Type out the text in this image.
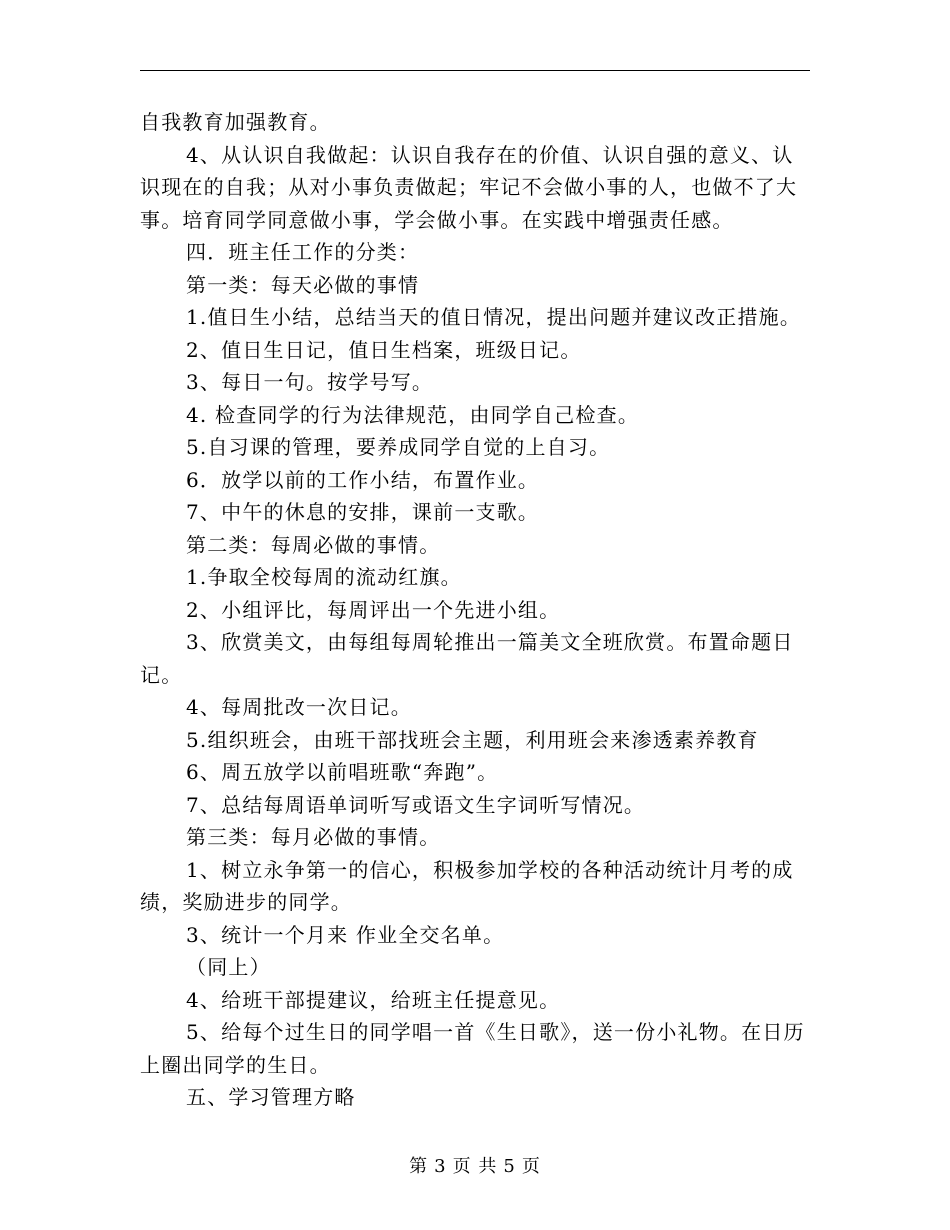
自我教育加强教育。

4、从认识自我做起：认识自我存在的价值、认识自强的意义、认识现在的自我；从对小事负责做起；牢记不会做小事的人，也做不了大事。培育同学同意做小事，学会做小事。在实践中增强责任感。

四．班主任工作的分类：

第一类：每天必做的事情

1.值日生小结，总结当天的值日情况，提出问题并建议改正措施。

2、值日生日记，值日生档案，班级日记。

3、每日一句。按学号写。

4. 检查同学的行为法律规范，由同学自己检查。

5.自习课的管理，要养成同学自觉的上自习。

6．放学以前的工作小结，布置作业。

7、中午的休息的安排，课前一支歌。

第二类：每周必做的事情。

1.争取全校每周的流动红旗。

2、小组评比，每周评出一个先进小组。

3、欣赏美文，由每组每周轮推出一篇美文全班欣赏。布置命题日记。

4、每周批改一次日记。

5.组织班会，由班干部找班会主题，利用班会来渗透素养教育

6、周五放学以前唱班歌“奔跑”。

7、总结每周语单词听写或语文生字词听写情况。

第三类：每月必做的事情。

1、树立永争第一的信心，积极参加学校的各种活动统计月考的成绩，奖励进步的同学。

3、统计一个月来 作业全交名单。

（同上）

4、给班干部提建议，给班主任提意见。

5、给每个过生日的同学唱一首《生日歌》，送一份小礼物。在日历上圈出同学的生日。

五、学习管理方略

第 3 页 共 5 页
